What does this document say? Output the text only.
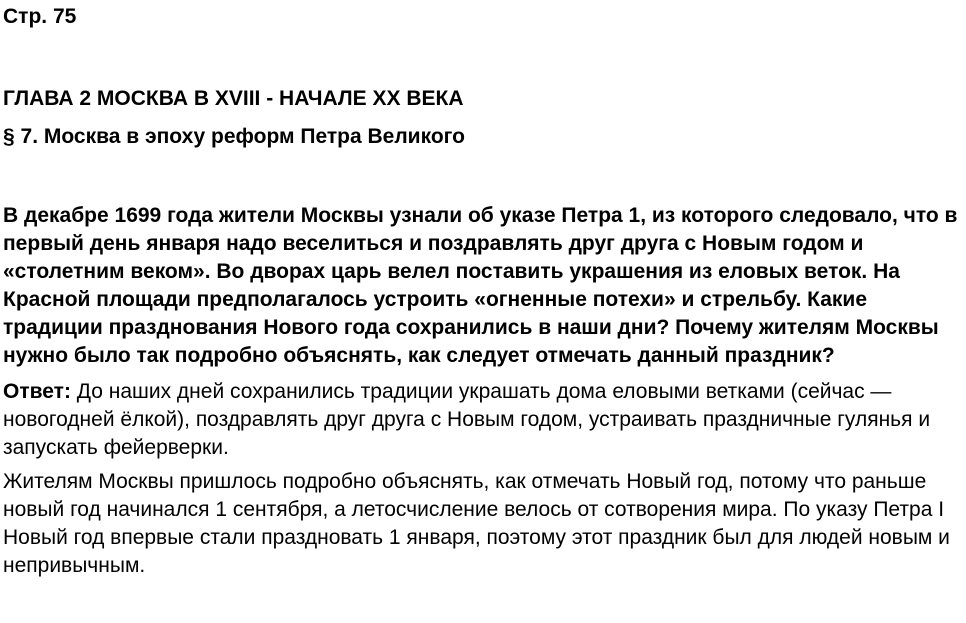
Стр. 75
ГЛАВА 2 МОСКВА В XVIII - НАЧАЛЕ XX ВЕКА
§ 7. Москва в эпоху реформ Петра Великого
В декабре 1699 года жители Москвы узнали об указе Петра 1, из которого следовало, что в первый день января надо веселиться и поздравлять друг друга с Новым годом и «столетним веком». Во дворах царь велел поставить украшения из еловых веток. На Красной площади предполагалось устроить «огненные потехи» и стрельбу. Какие традиции празднования Нового года сохранились в наши дни? Почему жителям Москвы нужно было так подробно объяснять, как следует отмечать данный праздник?
Ответ: До наших дней сохранились традиции украшать дома еловыми ветками (сейчас — новогодней ёлкой), поздравлять друг друга с Новым годом, устраивать праздничные гулянья и запускать фейерверки.
Жителям Москвы пришлось подробно объяснять, как отмечать Новый год, потому что раньше новый год начинался 1 сентября, а летосчисление велось от сотворения мира. По указу Петра I Новый год впервые стали праздновать 1 января, поэтому этот праздник был для людей новым и непривычным.
